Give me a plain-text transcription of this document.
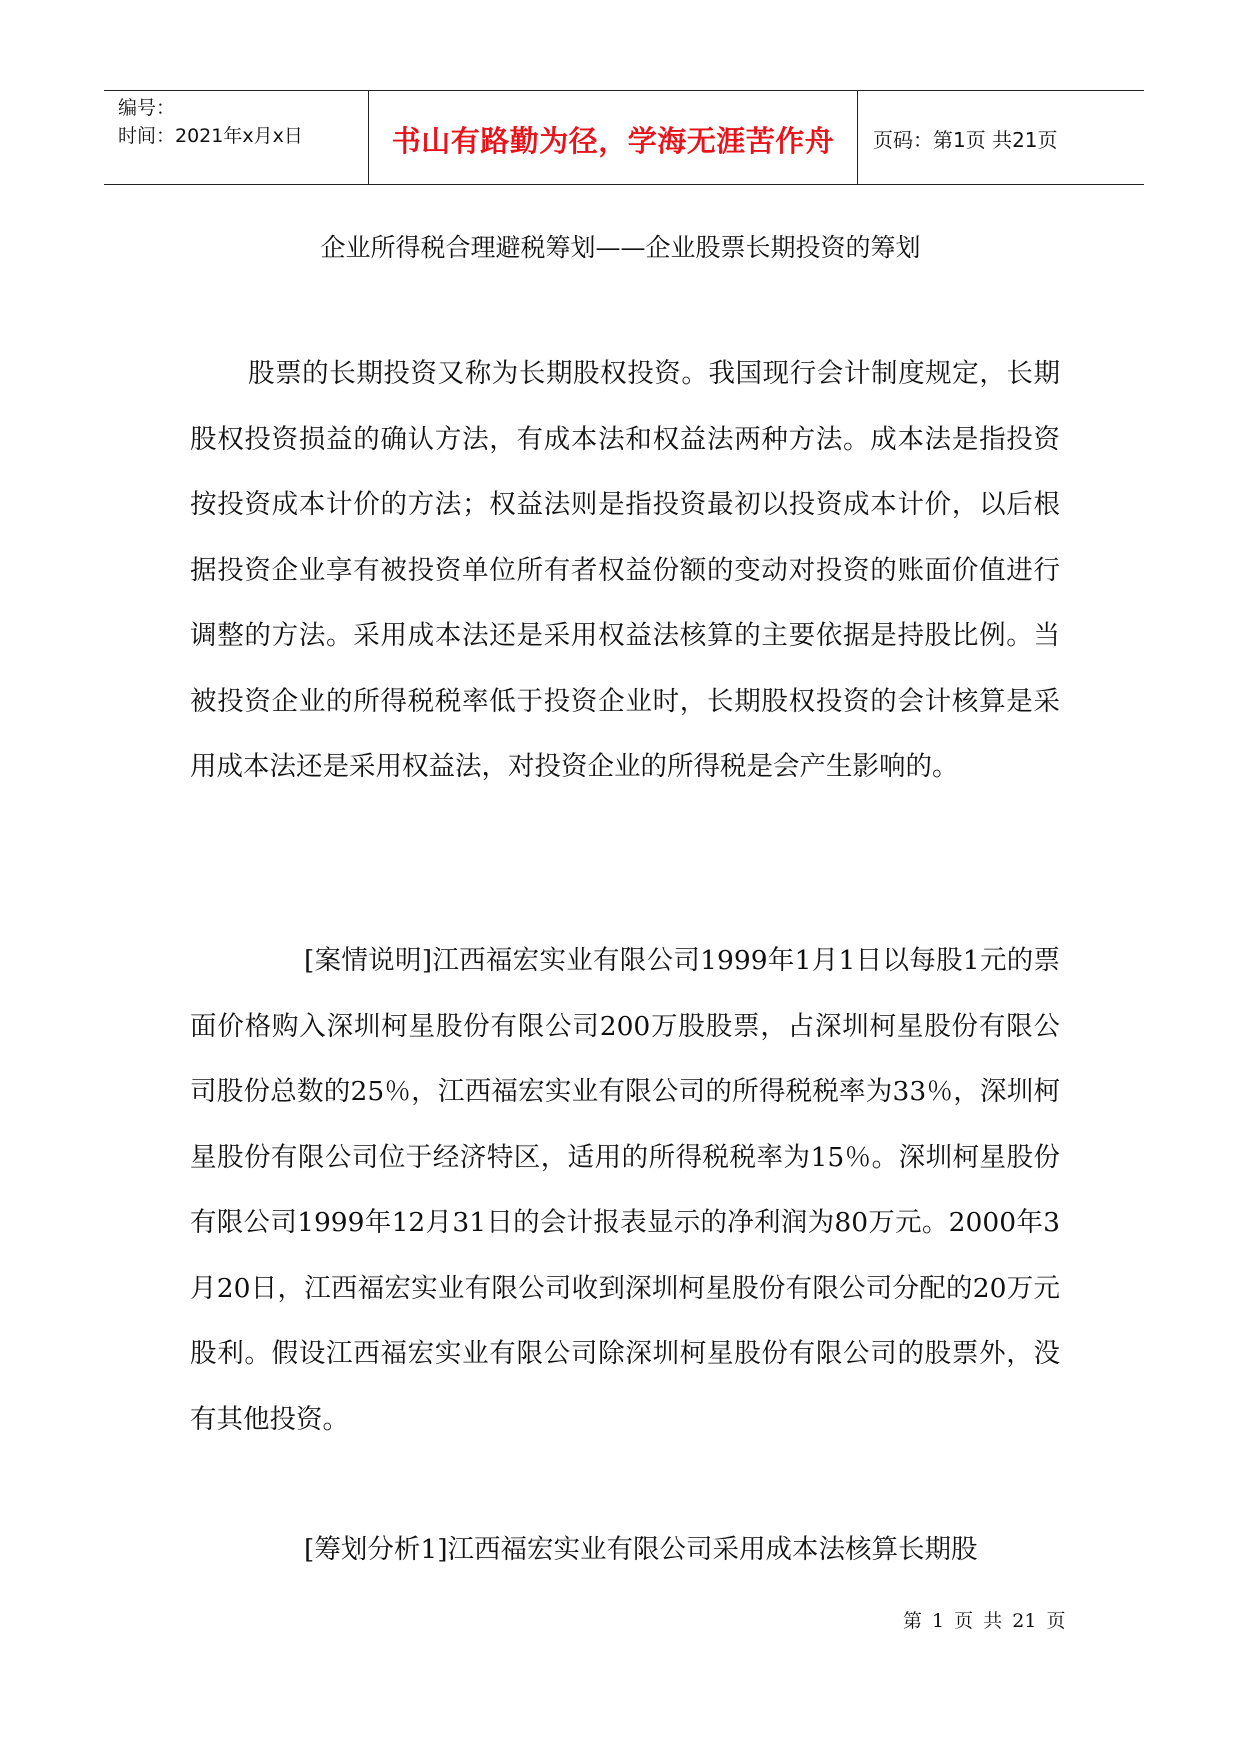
编号：
时间：2021年x月x日	书山有路勤为径，学海无涯苦作舟	页码：第1页 共21页
企业所得税合理避税筹划——企业股票长期投资的筹划

股票的长期投资又称为长期股权投资。我国现行会计制度规定，长期股权投资损益的确认方法，有成本法和权益法两种方法。成本法是指投资按投资成本计价的方法；权益法则是指投资最初以投资成本计价，以后根据投资企业享有被投资单位所有者权益份额的变动对投资的账面价值进行调整的方法。采用成本法还是采用权益法核算的主要依据是持股比例。当被投资企业的所得税税率低于投资企业时，长期股权投资的会计核算是采用成本法还是采用权益法，对投资企业的所得税是会产生影响的。

[案情说明]江西福宏实业有限公司1999年1月1日以每股1元的票面价格购入深圳柯星股份有限公司200万股股票，占深圳柯星股份有限公司股份总数的25％，江西福宏实业有限公司的所得税税率为33％，深圳柯星股份有限公司位于经济特区，适用的所得税税率为15％。深圳柯星股份有限公司1999年12月31日的会计报表显示的净利润为80万元。2000年3月20日，江西福宏实业有限公司收到深圳柯星股份有限公司分配的20万元股利。假设江西福宏实业有限公司除深圳柯星股份有限公司的股票外，没有其他投资。

[筹划分析1]江西福宏实业有限公司采用成本法核算长期股

第 1 页 共 21 页
